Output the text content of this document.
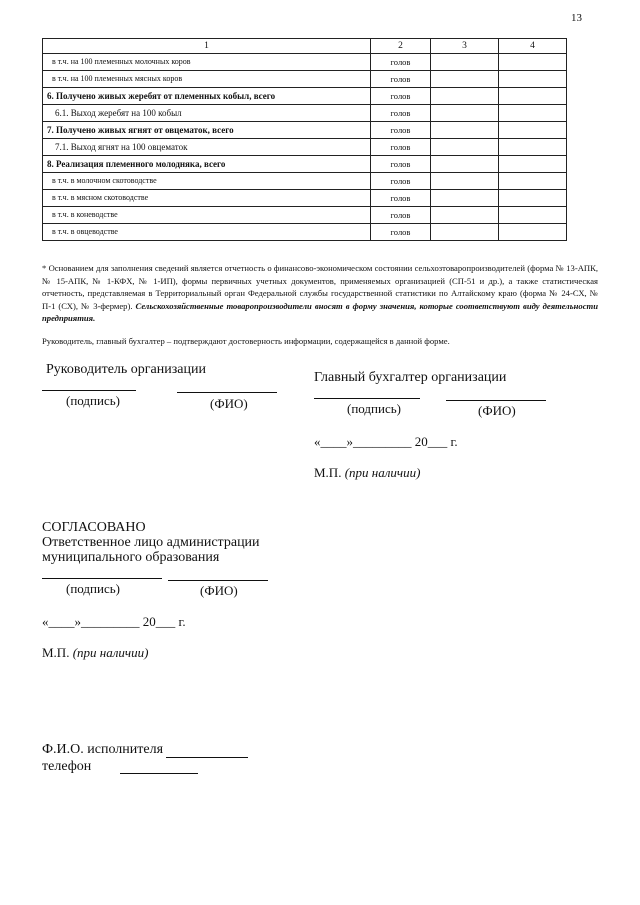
13
1	2	3	4
в т.ч. на 100 племенных молочных коров	голов		
в т.ч. на 100 племенных мясных коров	голов		
6. Получено живых жеребят от племенных кобыл, всего	голов		
6.1. Выход жеребят на 100 кобыл	голов		
7. Получено живых ягнят от овцематок, всего	голов		
7.1. Выход ягнят на 100 овцематок	голов		
8. Реализация племенного молодняка, всего	голов		
в т.ч. в молочном скотоводстве	голов		
в т.ч. в мясном скотоводстве	голов		
в т.ч. в коневодстве	голов		
в т.ч. в овцеводстве	голов		
* Основанием для заполнения сведений является отчетность о финансово-экономическом состоянии сельхозтоваропроизводителей (форма № 13-АПК, № 15-АПК, № 1-КФХ, № 1-ИП), формы первичных учетных документов, применяемых организацией (СП-51 и др.), а также статистическая отчетность, представляемая в Территориальный орган Федеральной службы государственной статистики по Алтайскому краю (форма № 24-СХ, № П-1 (СХ), № 3-фермер). Сельскохозяйственные товаропроизводители вносят в форму значения, которые соответствуют виду деятельности предприятия.
Руководитель, главный бухгалтер – подтверждают достоверность информации, содержащейся в данной форме.
Руководитель организации
(подпись)	(ФИО)
Главный бухгалтер организации
(подпись)	(ФИО)
«____»_________ 20___ г.
М.П. (при наличии)
СОГЛАСОВАНО
Ответственное лицо администрации
муниципального образования
(подпись)	(ФИО)
«____»_________ 20___ г.
М.П. (при наличии)
Ф.И.О. исполнителя
телефон
